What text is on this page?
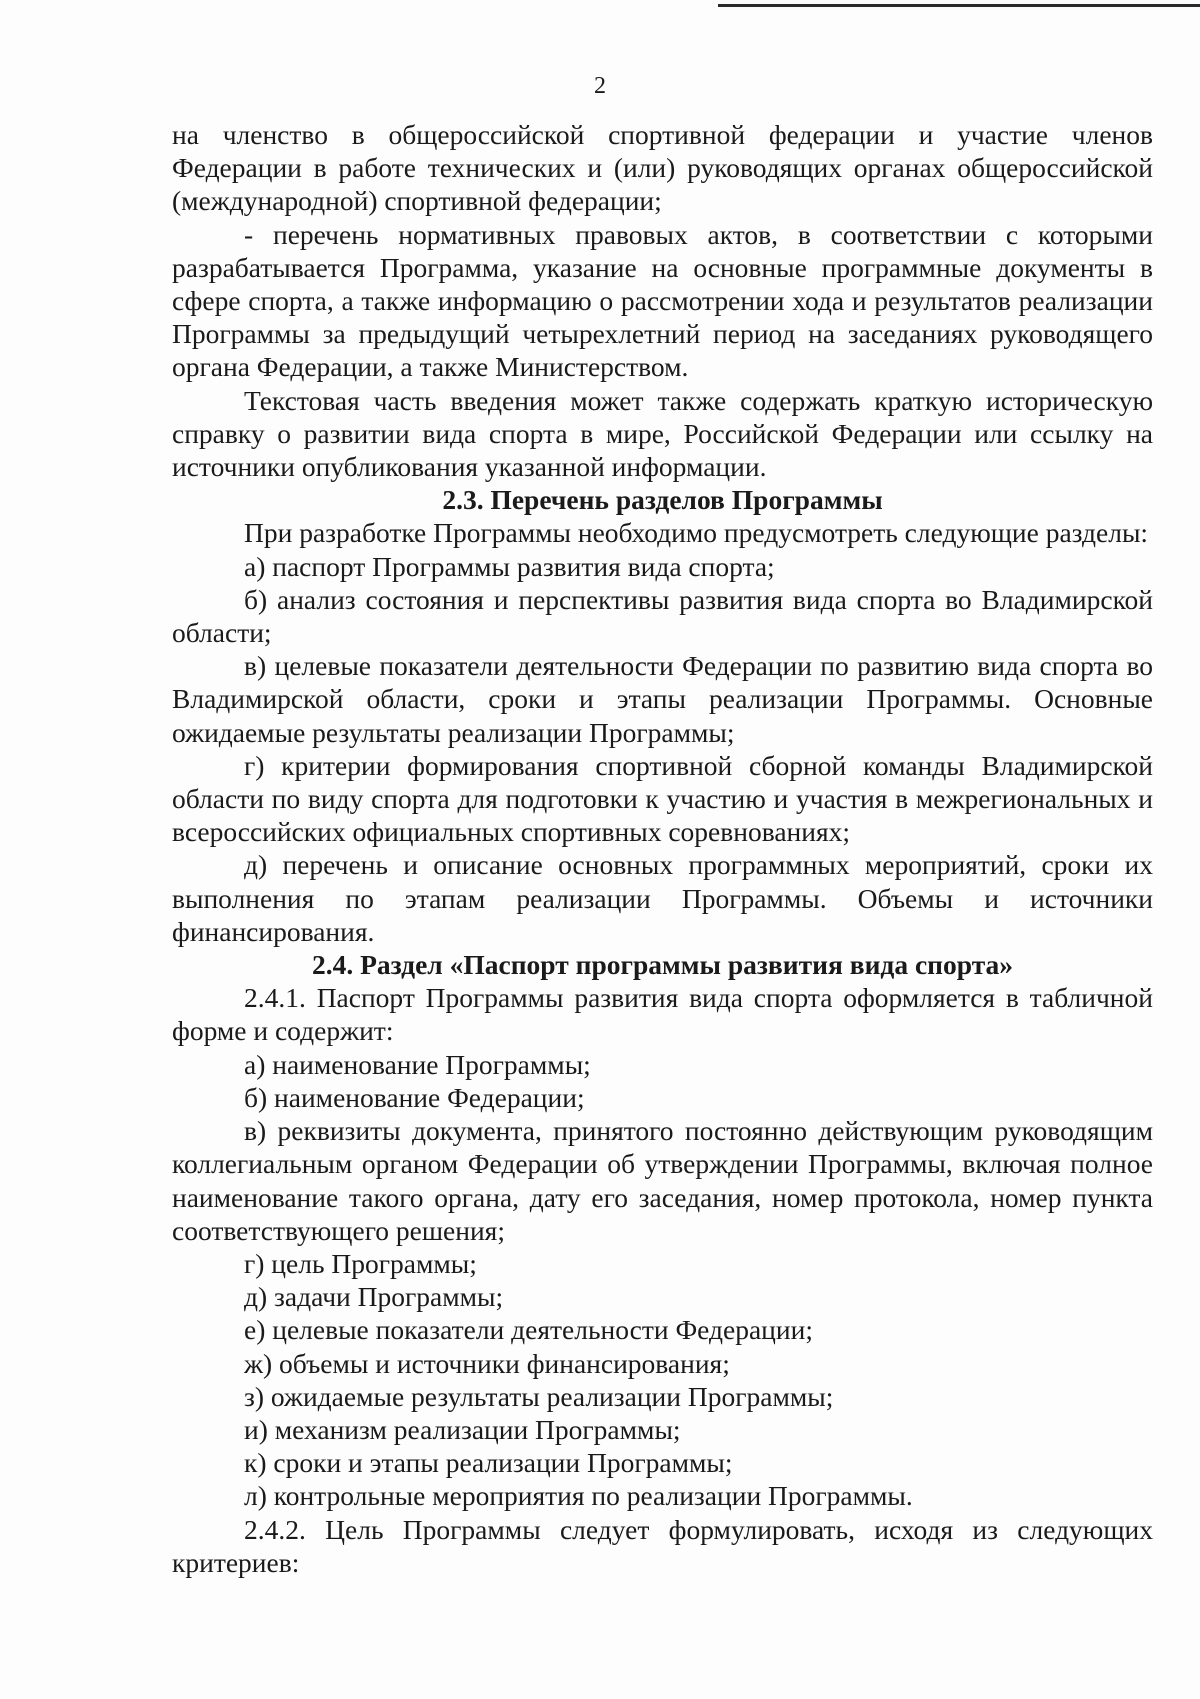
2

на членство в общероссийской спортивной федерации и участие членов Федерации в работе технических и (или) руководящих органах общероссийской (международной) спортивной федерации;

- перечень нормативных правовых актов, в соответствии с которыми разрабатывается Программа, указание на основные программные документы в сфере спорта, а также информацию о рассмотрении хода и результатов реализации Программы за предыдущий четырехлетний период на заседаниях руководящего органа Федерации, а также Министерством.

Текстовая часть введения может также содержать краткую историческую справку о развитии вида спорта в мире, Российской Федерации или ссылку на источники опубликования указанной информации.

2.3. Перечень разделов Программы

При разработке Программы необходимо предусмотреть следующие разделы:

а) паспорт Программы развития вида спорта;

б) анализ состояния и перспективы развития вида спорта во Владимирской области;

в) целевые показатели деятельности Федерации по развитию вида спорта во Владимирской области, сроки и этапы реализации Программы. Основные ожидаемые результаты реализации Программы;

г) критерии формирования спортивной сборной команды Владимирской области по виду спорта для подготовки к участию и участия в межрегиональных и всероссийских официальных спортивных соревнованиях;

д) перечень и описание основных программных мероприятий, сроки их выполнения по этапам реализации Программы. Объемы и источники финансирования.

2.4. Раздел «Паспорт программы развития вида спорта»

2.4.1. Паспорт Программы развития вида спорта оформляется в табличной форме и содержит:

а) наименование Программы;

б) наименование Федерации;

в) реквизиты документа, принятого постоянно действующим руководящим коллегиальным органом Федерации об утверждении Программы, включая полное наименование такого органа, дату его заседания, номер протокола, номер пункта соответствующего решения;

г) цель Программы;

д) задачи Программы;

е) целевые показатели деятельности Федерации;

ж) объемы и источники финансирования;

з) ожидаемые результаты реализации Программы;

и) механизм реализации Программы;

к) сроки и этапы реализации Программы;

л) контрольные мероприятия по реализации Программы.

2.4.2. Цель Программы следует формулировать, исходя из следующих критериев:
